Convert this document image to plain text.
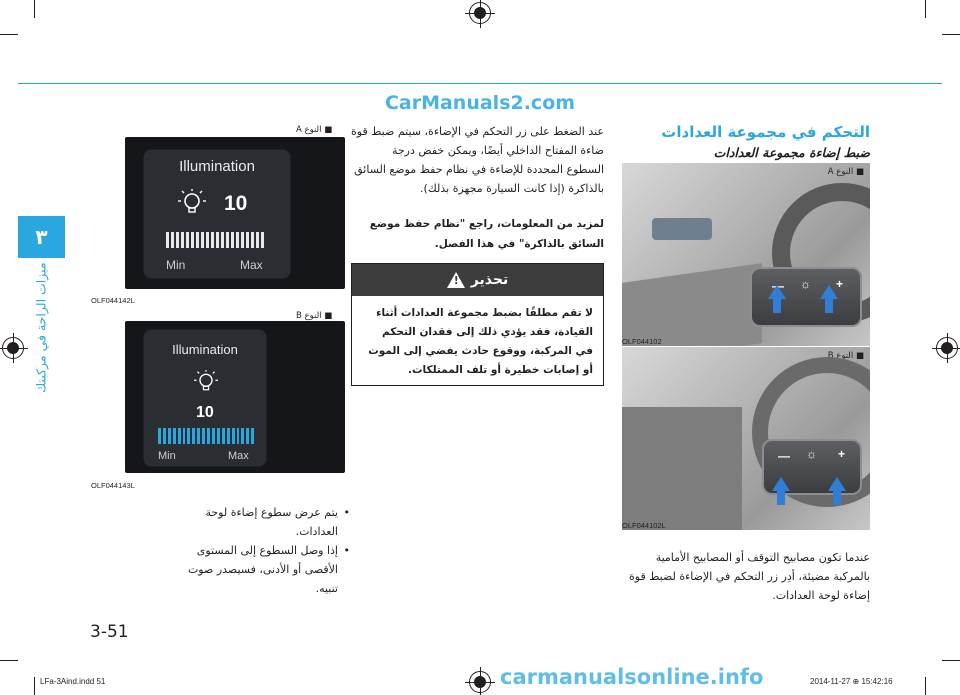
CarManuals2.com
٣
ميزات الراحة في مركبتك
■ النوع A
Illumination
10
Min	Max
OLF044142L
■ النوع B
Illumination
10
Min	Max
OLF044143L
■ النوع A
— ☼ +
OLF044102
■ النوع B
— ☼ +
OLF044102L
التحكم في مجموعة العدادات
ضبط إضاءة مجموعة العدادات
عندما تكون مصابيح التوقف أو المصابيح الأمامية بالمركبة مضيئة، أدِر زر التحكم في الإضاءة لضبط قوة إضاءة لوحة العدادات.
عند الضغط على زر التحكم في الإضاءة، سيتم ضبط قوة ضاءة المفتاح الداخلي أيضًا، ويمكن خفض درجة السطوع المحددة للإضاءة في نظام حفظ موضع السائق بالذاكرة (إذا كانت السيارة مجهزة بذلك).
لمزيد من المعلومات، راجع "نظام حفظ موضع السائق بالذاكرة" في هذا الفصل.
تحذير
!
لا تقم مطلقًا بضبط مجموعة العدادات أثناء القيادة، فقد يؤدي ذلك إلى فقدان التحكم في المركبة، ووقوع حادث يفضي إلى الموت أو إصابات خطيرة أو تلف الممتلكات.
• يتم عرض سطوع إضاءة لوحة العدادات.
• إذا وصل السطوع إلى المستوى الأقصى أو الأدنى، فسيصدر صوت تنبيه.
3-51
LFa-3Aind.indd 51	2014-11-27 ⊕ 15:42:16
carmanualsonline.info
